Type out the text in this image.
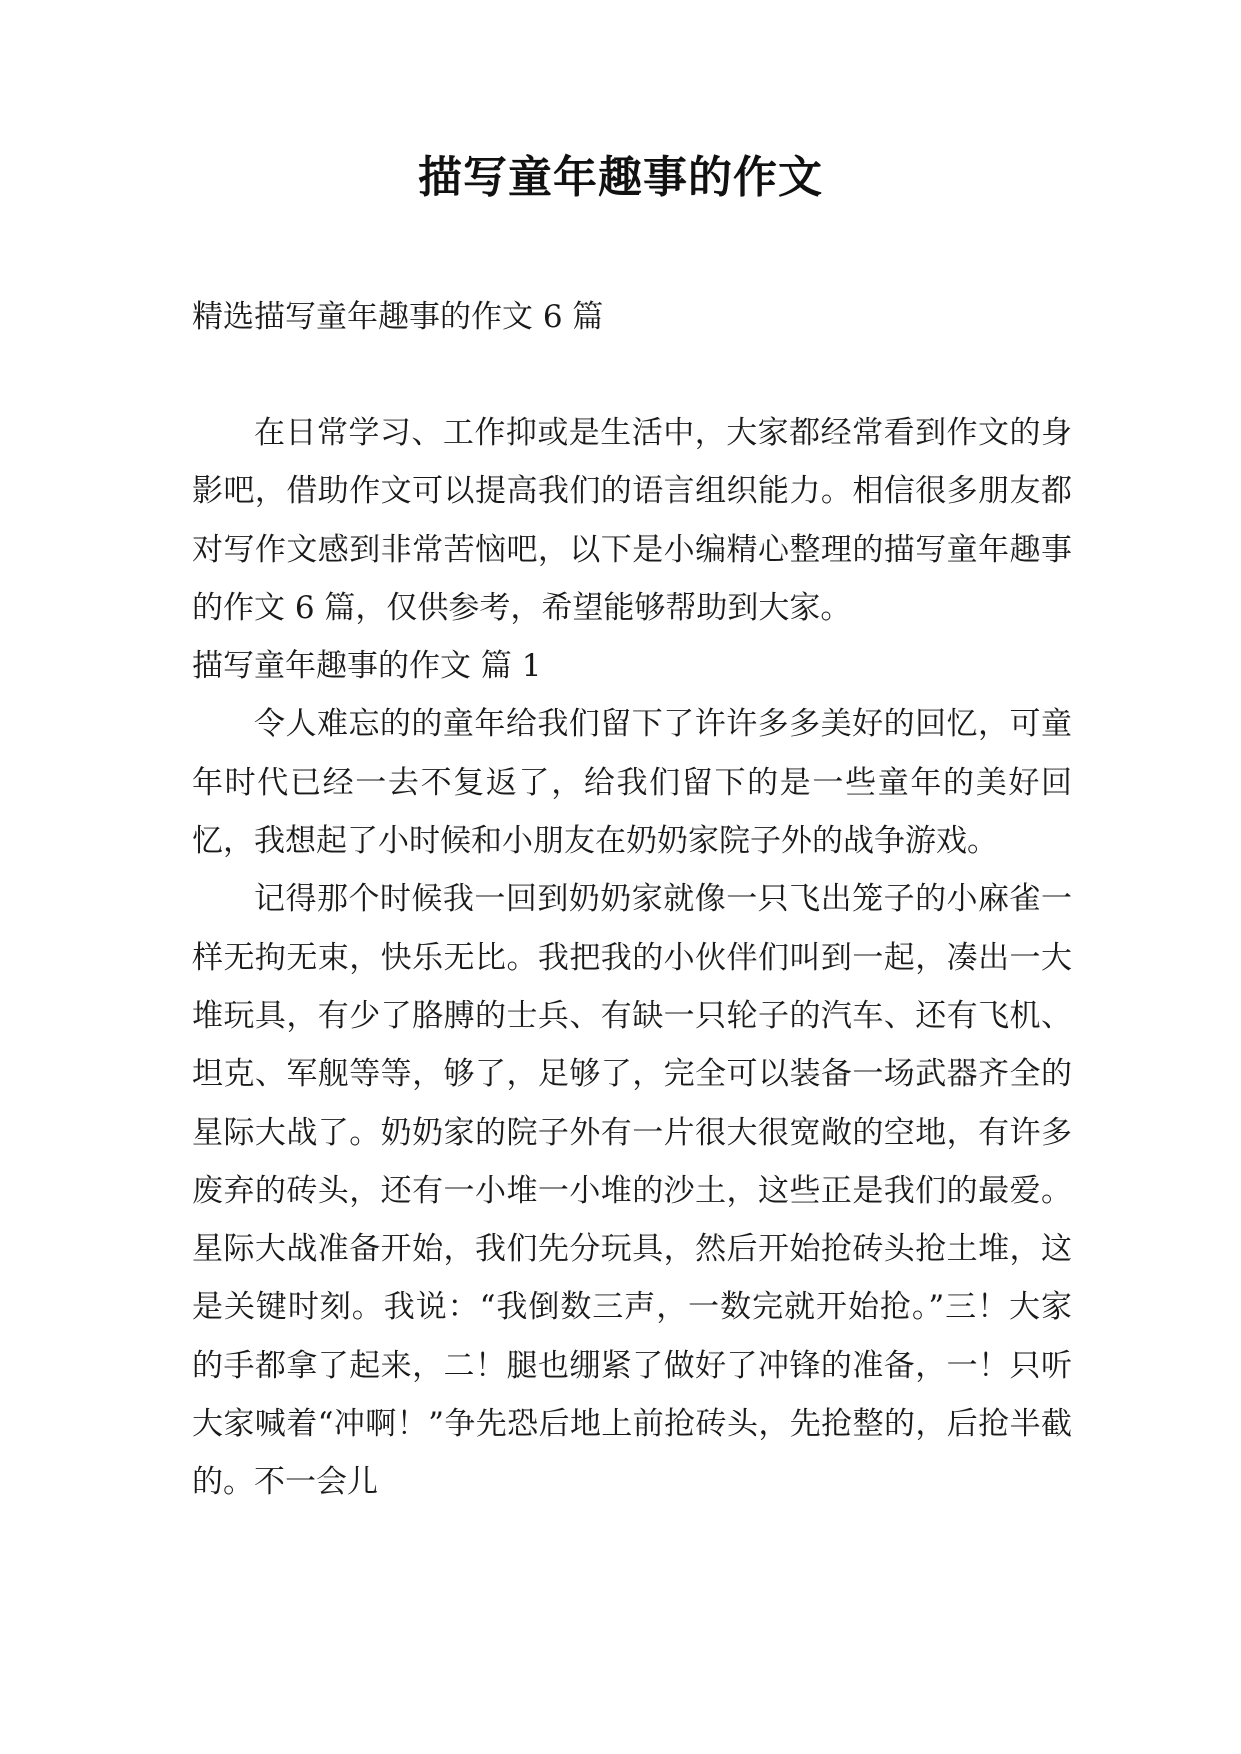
描写童年趣事的作文

精选描写童年趣事的作文 6 篇

在日常学习、工作抑或是生活中，大家都经常看到作文的身影吧，借助作文可以提高我们的语言组织能力。相信很多朋友都对写作文感到非常苦恼吧，以下是小编精心整理的描写童年趣事的作文 6 篇，仅供参考，希望能够帮助到大家。

描写童年趣事的作文 篇 1

令人难忘的的童年给我们留下了许许多多美好的回忆，可童年时代已经一去不复返了，给我们留下的是一些童年的美好回忆，我想起了小时候和小朋友在奶奶家院子外的战争游戏。

记得那个时候我一回到奶奶家就像一只飞出笼子的小麻雀一样无拘无束，快乐无比。我把我的小伙伴们叫到一起，凑出一大堆玩具，有少了胳膊的士兵、有缺一只轮子的汽车、还有飞机、坦克、军舰等等，够了，足够了，完全可以装备一场武器齐全的星际大战了。奶奶家的院子外有一片很大很宽敞的空地，有许多废弃的砖头，还有一小堆一小堆的沙土，这些正是我们的最爱。星际大战准备开始，我们先分玩具，然后开始抢砖头抢土堆，这是关键时刻。我说：“我倒数三声，一数完就开始抢。”三！大家的手都拿了起来，二！腿也绷紧了做好了冲锋的准备，一！只听大家喊着“冲啊！”争先恐后地上前抢砖头，先抢整的，后抢半截的。不一会儿
